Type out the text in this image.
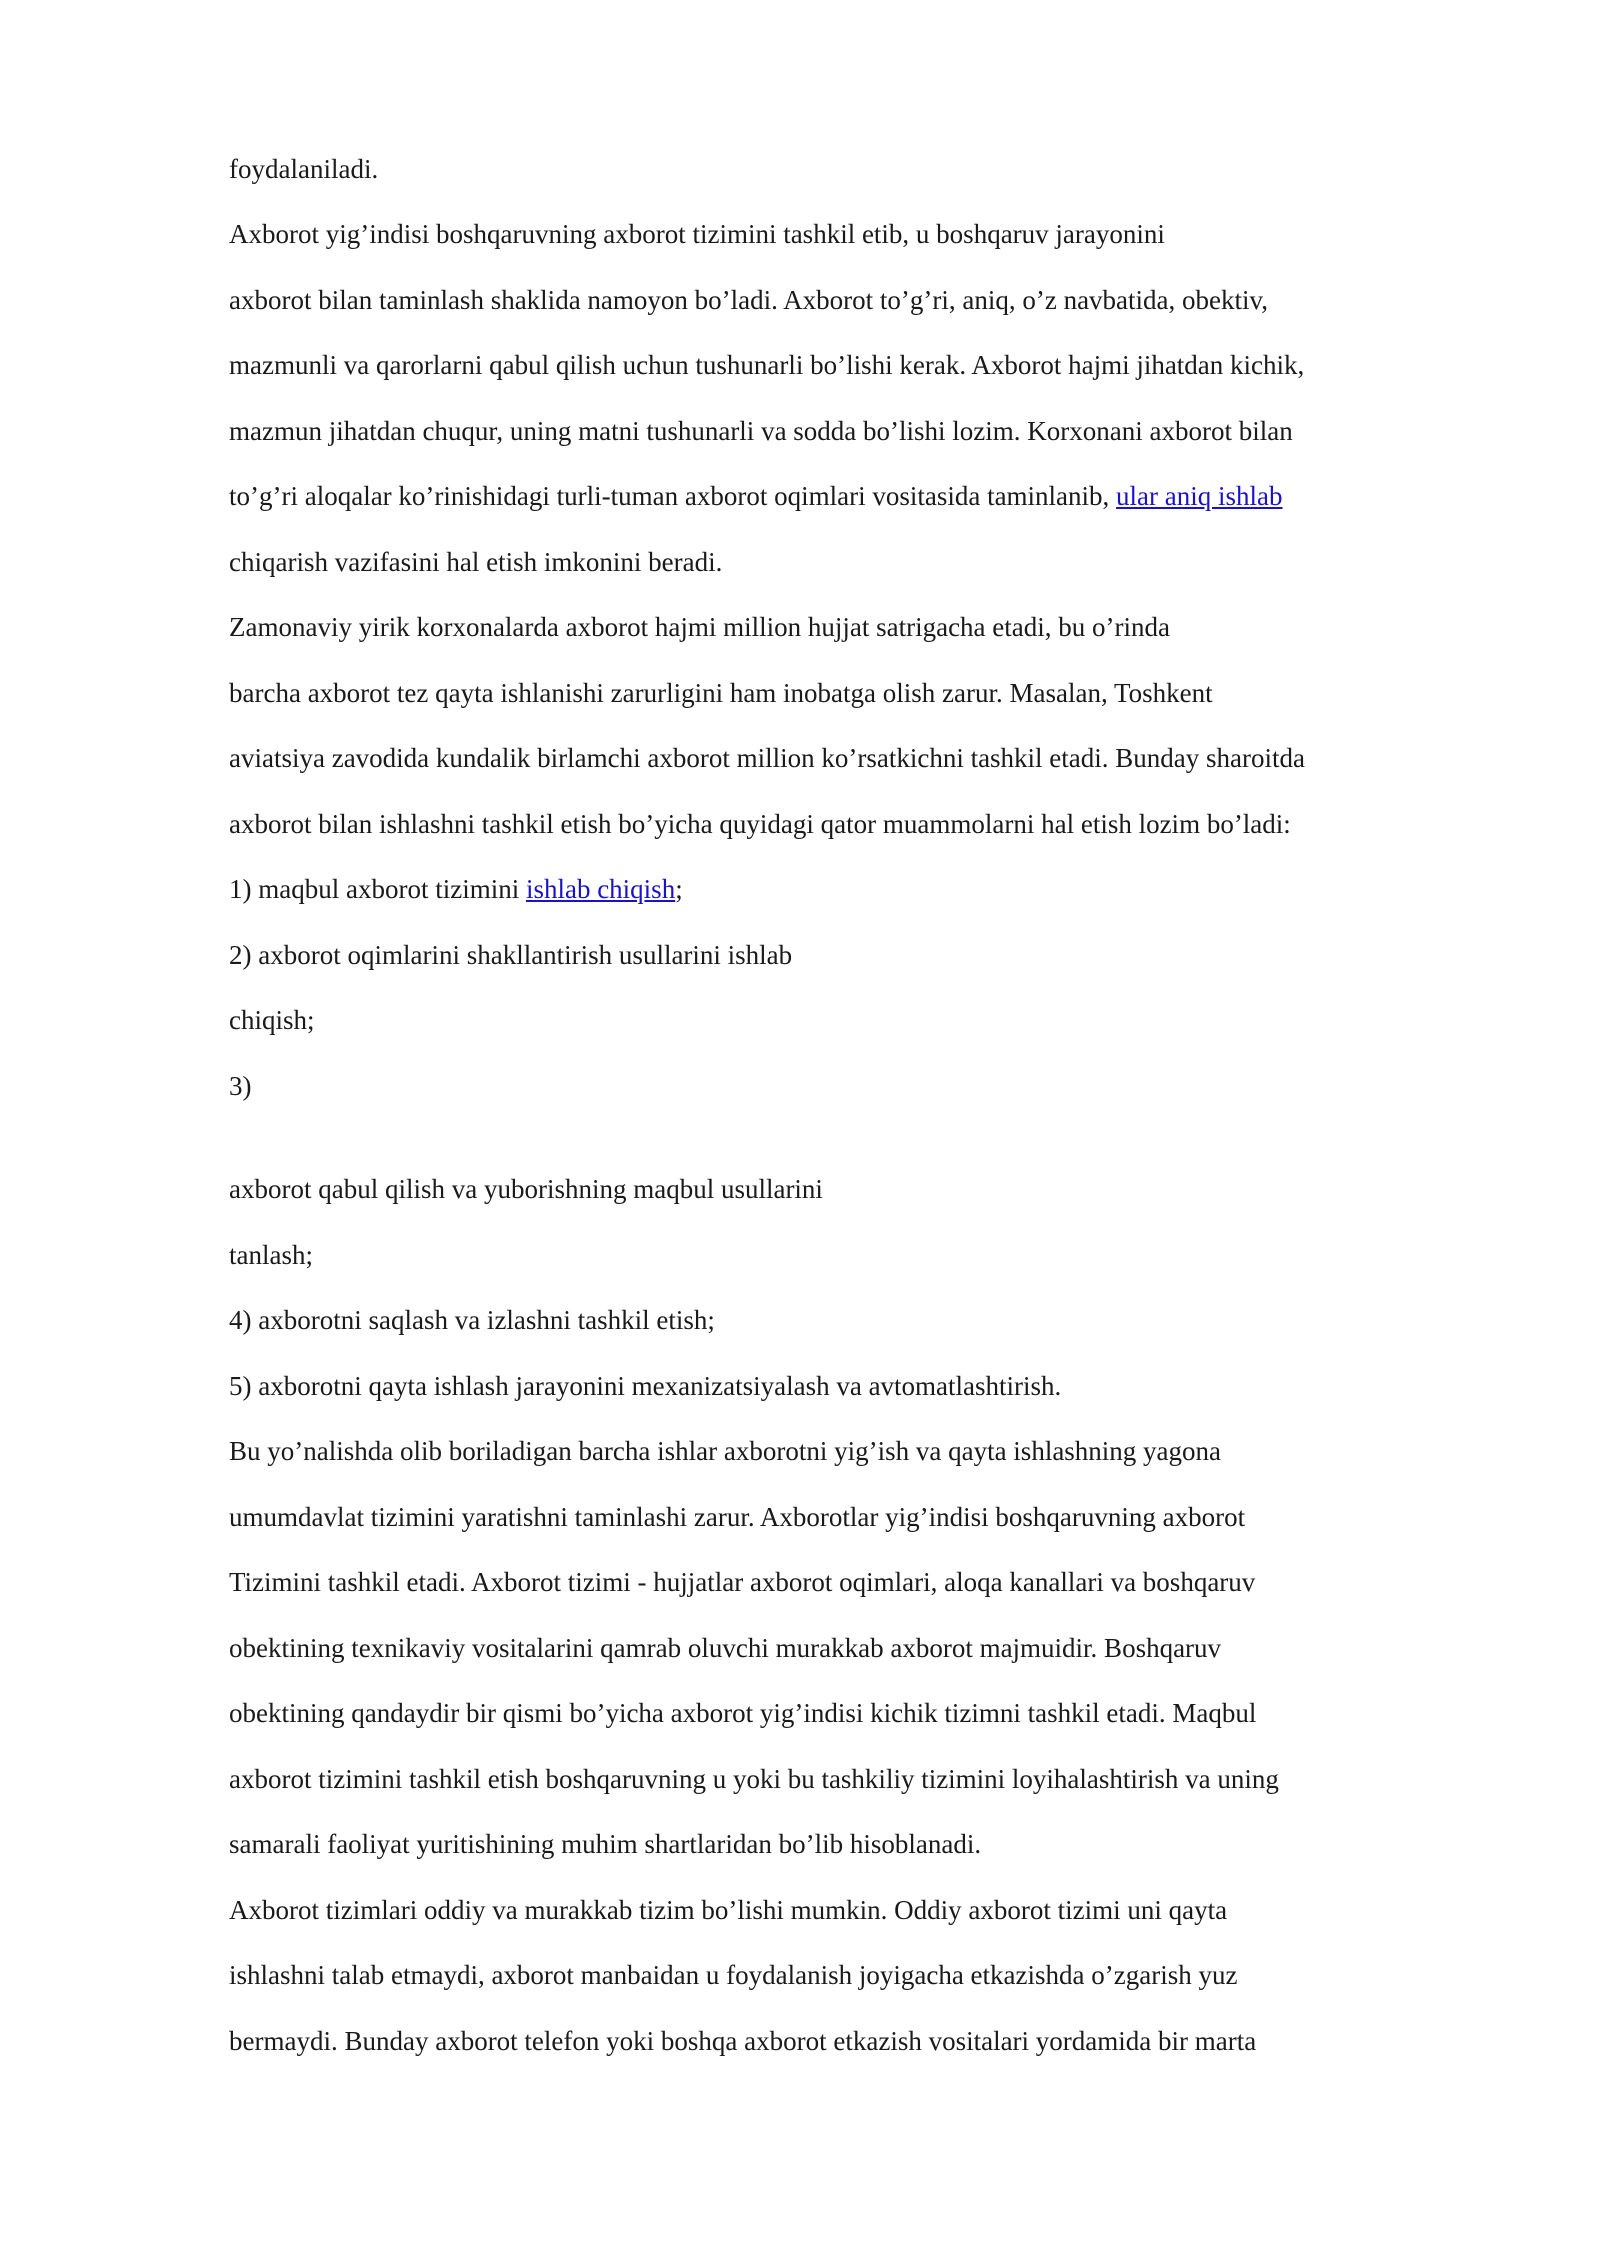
foydalaniladi.
Axborot yig’indisi boshqaruvning axborot tizimini tashkil etib, u boshqaruv jarayonini
axborot bilan taminlash shaklida namoyon bo’ladi. Axborot to’g’ri, aniq, o’z navbatida, obektiv,
mazmunli va qarorlarni qabul qilish uchun tushunarli bo’lishi kerak. Axborot hajmi jihatdan kichik,
mazmun jihatdan chuqur, uning matni tushunarli va sodda bo’lishi lozim. Korxonani axborot bilan
to’g’ri aloqalar ko’rinishidagi turli-tuman axborot oqimlari vositasida taminlanib, ular aniq ishlab
chiqarish vazifasini hal etish imkonini beradi.
Zamonaviy yirik korxonalarda axborot hajmi million hujjat satrigacha etadi, bu o’rinda
barcha axborot tez qayta ishlanishi zarurligini ham inobatga olish zarur. Masalan, Toshkent
aviatsiya zavodida kundalik birlamchi axborot million ko’rsatkichni tashkil etadi. Bunday sharoitda
axborot bilan ishlashni tashkil etish bo’yicha quyidagi qator muammolarni hal etish lozim bo’ladi:
1) maqbul axborot tizimini ishlab chiqish;
2) axborot oqimlarini shakllantirish usullarini ishlab
chiqish;
3)
axborot qabul qilish va yuborishning maqbul usullarini
tanlash;
4) axborotni saqlash va izlashni tashkil etish;
5) axborotni qayta ishlash jarayonini mexanizatsiyalash va avtomatlashtirish.
Bu yo’nalishda olib boriladigan barcha ishlar axborotni yig’ish va qayta ishlashning yagona
umumdavlat tizimini yaratishni taminlashi zarur. Axborotlar yig’indisi boshqaruvning axborot
Tizimini tashkil etadi. Axborot tizimi - hujjatlar axborot oqimlari, aloqa kanallari va boshqaruv
obektining texnikaviy vositalarini qamrab oluvchi murakkab axborot majmuidir. Boshqaruv
obektining qandaydir bir qismi bo’yicha axborot yig’indisi kichik tizimni tashkil etadi. Maqbul
axborot tizimini tashkil etish boshqaruvning u yoki bu tashkiliy tizimini loyihalashtirish va uning
samarali faoliyat yuritishining muhim shartlaridan bo’lib hisoblanadi.
Axborot tizimlari oddiy va murakkab tizim bo’lishi mumkin. Oddiy axborot tizimi uni qayta
ishlashni talab etmaydi, axborot manbaidan u foydalanish joyigacha etkazishda o’zgarish yuz
bermaydi. Bunday axborot telefon yoki boshqa axborot etkazish vositalari yordamida bir marta
